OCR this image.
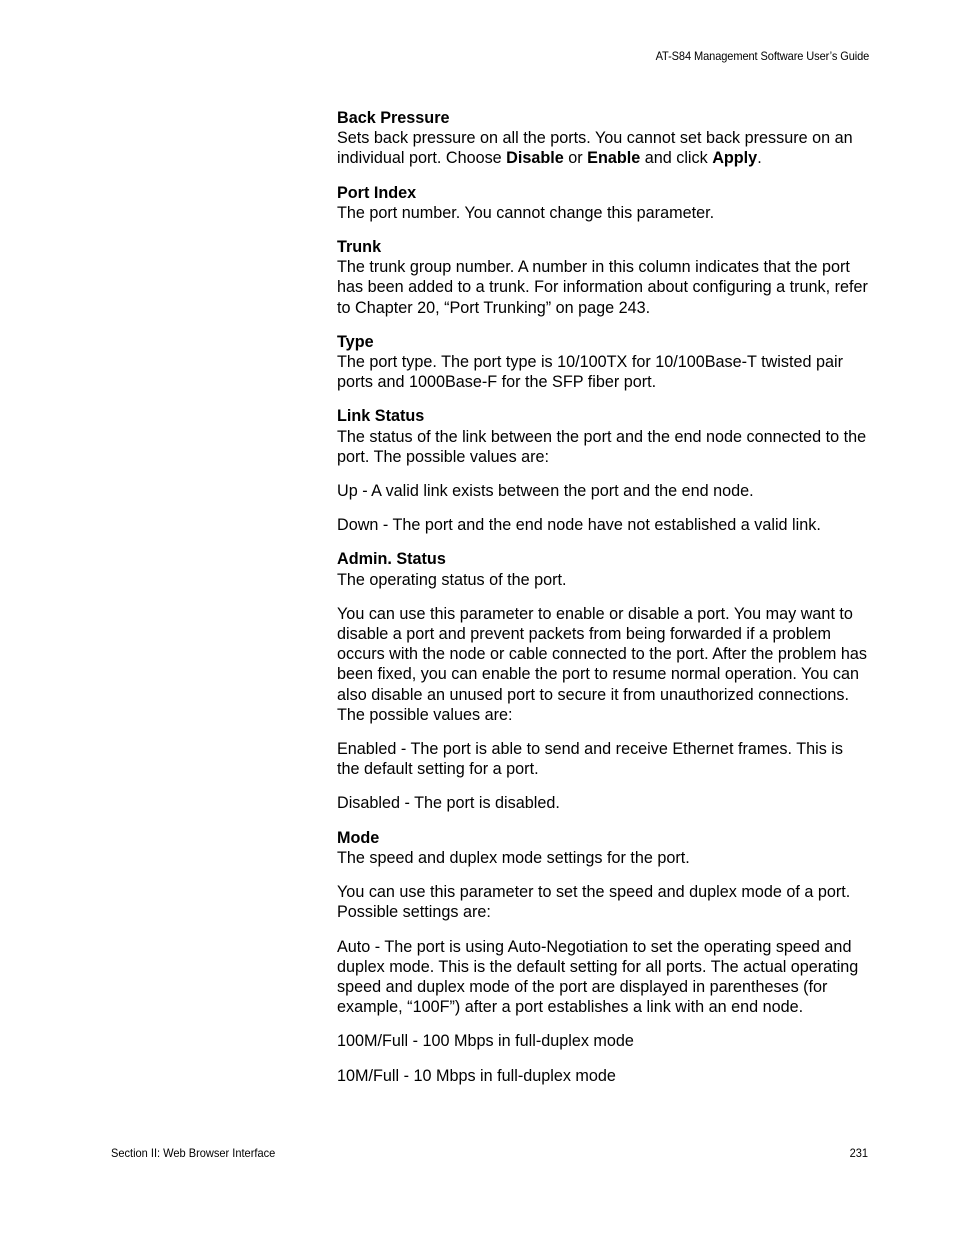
AT-S84 Management Software User’s Guide

Back Pressure

Sets back pressure on all the ports. You cannot set back pressure on an individual port. Choose Disable or Enable and click Apply.

Port Index

The port number. You cannot change this parameter.

Trunk

The trunk group number. A number in this column indicates that the port has been added to a trunk. For information about configuring a trunk, refer to Chapter 20, “Port Trunking” on page 243.

Type

The port type. The port type is 10/100TX for 10/100Base-T twisted pair ports and 1000Base-F for the SFP fiber port.

Link Status

The status of the link between the port and the end node connected to the port. The possible values are:

Up - A valid link exists between the port and the end node.

Down - The port and the end node have not established a valid link.

Admin. Status

The operating status of the port.

You can use this parameter to enable or disable a port. You may want to disable a port and prevent packets from being forwarded if a problem occurs with the node or cable connected to the port. After the problem has been fixed, you can enable the port to resume normal operation. You can also disable an unused port to secure it from unauthorized connections. The possible values are:

Enabled - The port is able to send and receive Ethernet frames. This is the default setting for a port.

Disabled - The port is disabled.

Mode

The speed and duplex mode settings for the port.

You can use this parameter to set the speed and duplex mode of a port. Possible settings are:

Auto - The port is using Auto-Negotiation to set the operating speed and duplex mode. This is the default setting for all ports. The actual operating speed and duplex mode of the port are displayed in parentheses (for example, “100F”) after a port establishes a link with an end node.

100M/Full - 100 Mbps in full-duplex mode

10M/Full - 10 Mbps in full-duplex mode

Section II: Web Browser Interface	231
